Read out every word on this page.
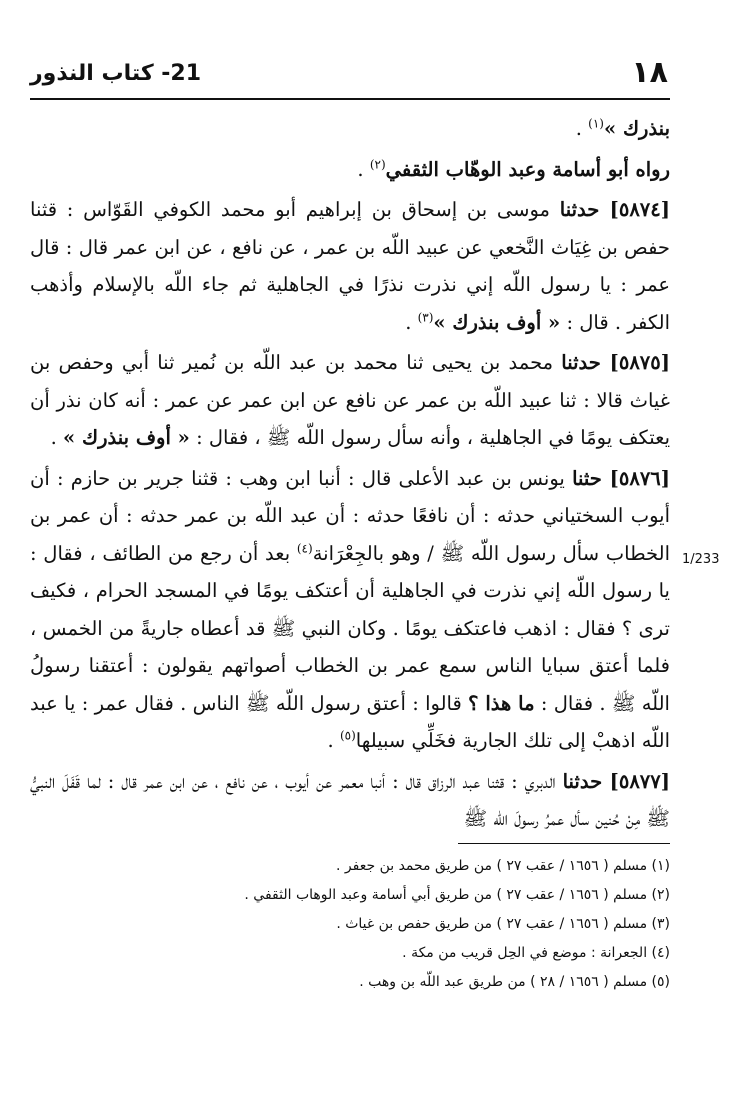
١٨
21- كتاب النذور
1/233

بنذرك »$^{(١)}$ .

رواه أبو أسامة وعبد الوهّاب الثقفي$^{(٢)}$ .

[٥٨٧٤] حدثنا موسى بن إسحاق بن إبراهيم أبو محمد الكوفي القَوّاس : قثنا حفص بن غِيَاث النَّخعي عن عبيد اللّه بن عمر ، عن نافع ، عن ابن عمر قال : قال عمر : يا رسول اللّه إني نذرت نذرًا في الجاهلية ثم جاء اللّه بالإسلام وأذهب الكفر . قال : « أوف بنذرك »$^{(٣)}$ .

[٥٨٧٥] حدثنا محمد بن يحيى ثنا محمد بن عبد اللّه بن نُمير ثنا أبي وحفص بن غياث قالا : ثنا عبيد اللّه بن عمر عن نافع عن ابن عمر عن عمر : أنه كان نذر أن يعتكف يومًا في الجاهلية ، وأنه سأل رسول اللّه ﷺ ، فقال : « أوف بنذرك » .

[٥٨٧٦] حثنا يونس بن عبد الأعلى قال : أنبا ابن وهب : قثنا جرير بن حازم : أن أيوب السختياني حدثه : أن نافعًا حدثه : أن عبد اللّه بن عمر حدثه : أن عمر بن الخطاب سأل رسول اللّه ﷺ / وهو بالجِعْرَانة$^{(٤)}$ بعد أن رجع من الطائف ، فقال : يا رسول اللّه إني نذرت في الجاهلية أن أعتكف يومًا في المسجد الحرام ، فكيف ترى ؟ فقال : اذهب فاعتكف يومًا . وكان النبي ﷺ قد أعطاه جاريةً من الخمس ، فلما أعتق سبايا الناس سمع عمر بن الخطاب أصواتهم يقولون : أعتقنا رسولُ اللّه ﷺ . فقال : ما هذا ؟ قالوا : أعتق رسول اللّه ﷺ الناس . فقال عمر : يا عبد اللّه اذهبْ إلى تلك الجارية فخَلِّي سبيلها$^{(٥)}$ .

[٥٨٧٧] حدثنا الدبري : قثنا عبد الرزاق قال : أنبا معمر عن أيوب ، عن نافع ، عن ابن عمر قال : لما قَفَلَ النبيُّ ﷺ مِنْ حُنين سأل عمرُ رسولَ اللّه ﷺ

(١) مسلم ( ١٦٥٦ / عقب ٢٧ ) من طريق محمد بن جعفر .
(٢) مسلم ( ١٦٥٦ / عقب ٢٧ ) من طريق أبي أسامة وعبد الوهاب الثقفي .
(٣) مسلم ( ١٦٥٦ / عقب ٢٧ ) من طريق حفص بن غياث .
(٤) الجعرانة : موضع في الحِل قريب من مكة .
(٥) مسلم ( ١٦٥٦ / ٢٨ ) من طريق عبد اللّه بن وهب .
